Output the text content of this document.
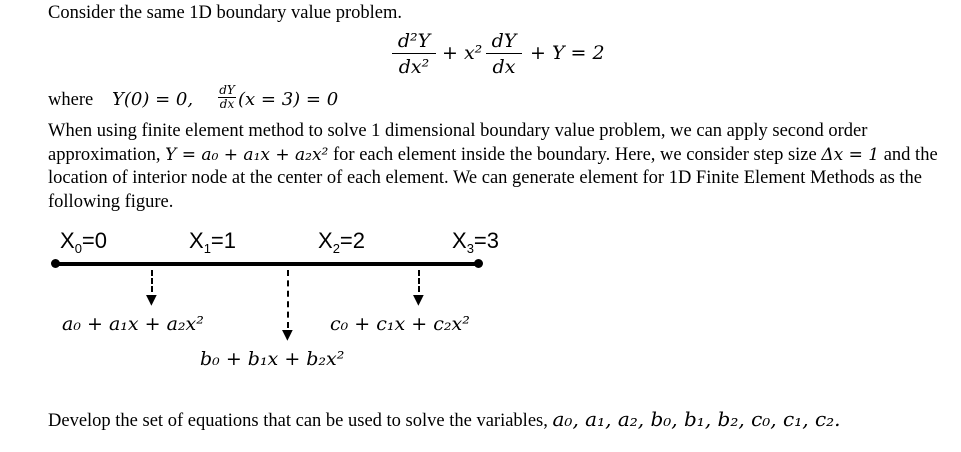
Consider the same 1D boundary value problem.
d²Y
dx²
+ x²
dY
dx
+ Y = 2
where Y(0) = 0, dY
dx (x = 3) = 0
When using finite element method to solve 1 dimensional boundary value problem, we can apply second order approximation, Y = a₀ + a₁x + a₂x² for each element inside the boundary. Here, we consider step size Δx = 1 and the location of interior node at the center of each element. We can generate element for 1D Finite Element Methods as the following figure.
$X_0=0$	$X_1=1$	$X_2=2$	$X_3=3$
▼
▼
▼
a₀ + a₁x + a₂x²
b₀ + b₁x + b₂x²
c₀ + c₁x + c₂x²
Develop the set of equations that can be used to solve the variables, a₀, a₁, a₂, b₀, b₁, b₂, c₀, c₁, c₂.
